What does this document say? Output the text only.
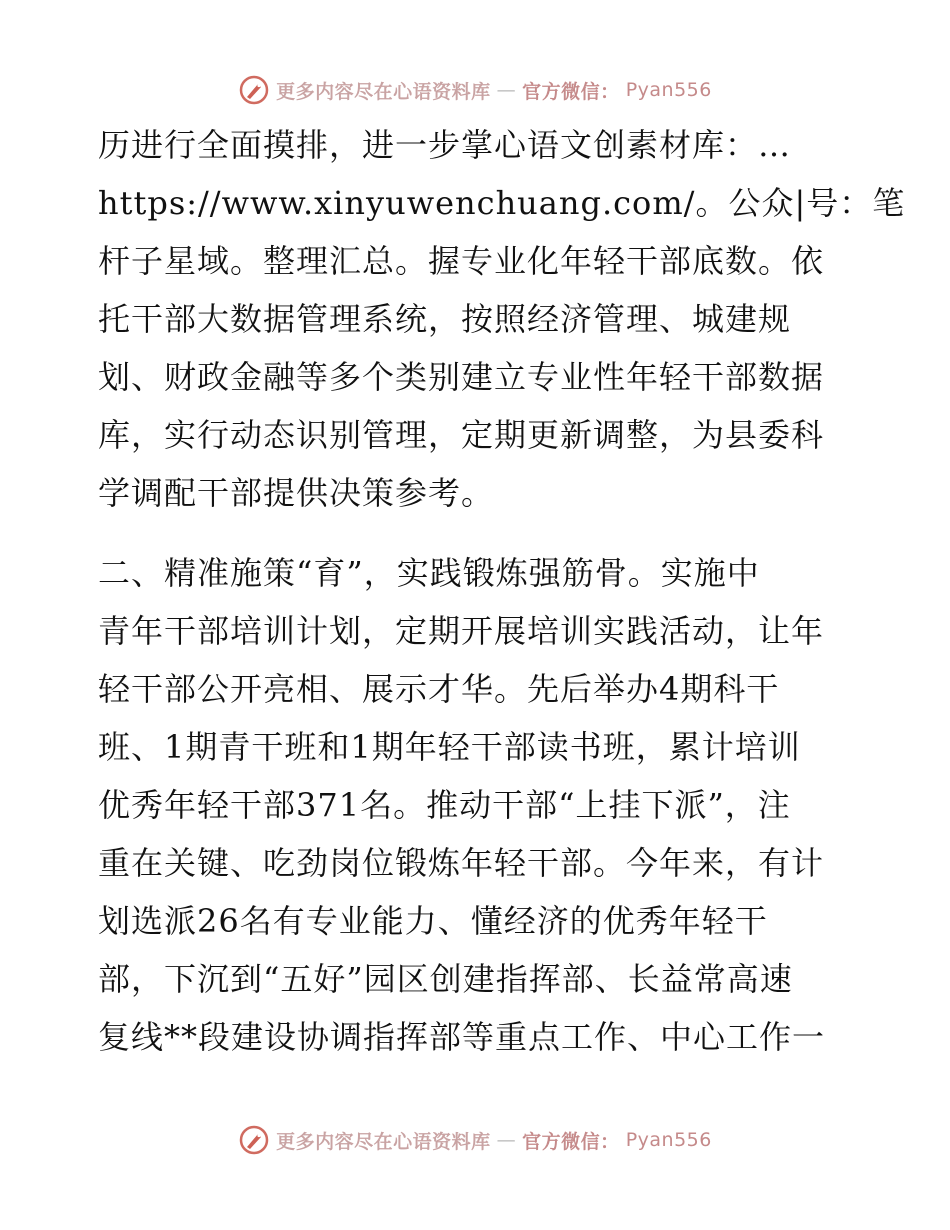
更多内容尽在心语资料库 — 官方微信： Pyan556
历进行全面摸排，进一步掌心语文创素材库：…
https://www.xinyuwenchuang.com/。公众|号：笔
杆子星域。整理汇总。握专业化年轻干部底数。依
托干部大数据管理系统，按照经济管理、城建规
划、财政金融等多个类别建立专业性年轻干部数据
库，实行动态识别管理，定期更新调整，为县委科
学调配干部提供决策参考。
二、精准施策“育”，实践锻炼强筋骨。实施中
青年干部培训计划，定期开展培训实践活动，让年
轻干部公开亮相、展示才华。先后举办4期科干
班、1期青干班和1期年轻干部读书班，累计培训
优秀年轻干部371名。推动干部“上挂下派”，注
重在关键、吃劲岗位锻炼年轻干部。今年来，有计
划选派26名有专业能力、懂经济的优秀年轻干
部，下沉到“五好”园区创建指挥部、长益常高速
复线**段建设协调指挥部等重点工作、中心工作一
更多内容尽在心语资料库 — 官方微信： Pyan556
